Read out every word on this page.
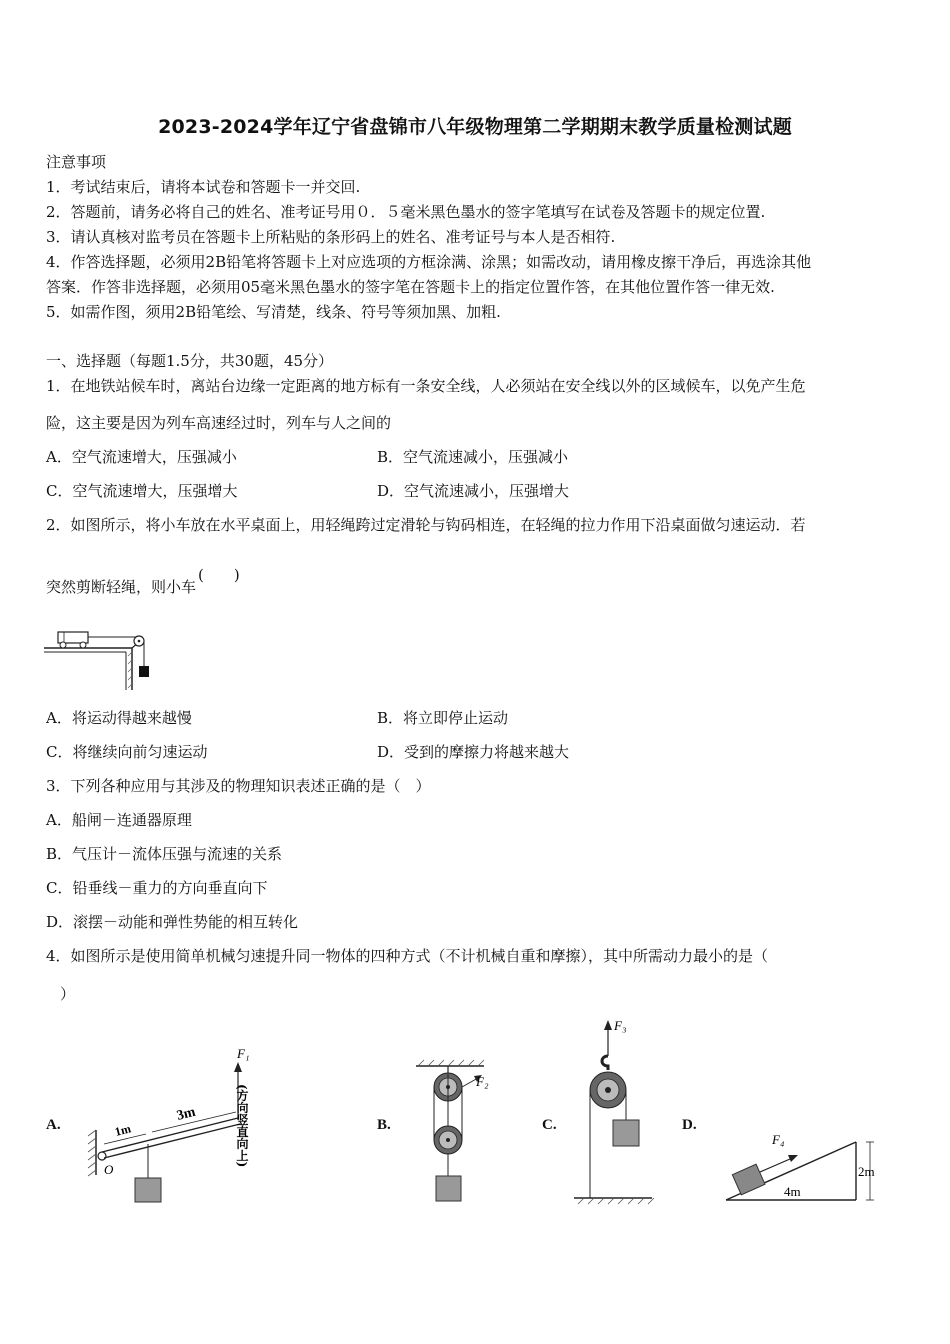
2023-2024学年辽宁省盘锦市八年级物理第二学期期末教学质量检测试题
注意事项
1．考试结束后，请将本试卷和答题卡一并交回.
2．答题前，请务必将自己的姓名、准考证号用０．５毫米黑色墨水的签字笔填写在试卷及答题卡的规定位置.
3．请认真核对监考员在答题卡上所粘贴的条形码上的姓名、准考证号与本人是否相符.
4．作答选择题，必须用2B铅笔将答题卡上对应选项的方框涂满、涂黑；如需改动，请用橡皮擦干净后，再选涂其他
答案．作答非选择题，必须用05毫米黑色墨水的签字笔在答题卡上的指定位置作答，在其他位置作答一律无效.
5．如需作图，须用2B铅笔绘、写清楚，线条、符号等须加黑、加粗.
一、选择题（每题1.5分，共30题，45分）
1．在地铁站候车时，离站台边缘一定距离的地方标有一条安全线，人必须站在安全线以外的区域候车，以免产生危
险，这主要是因为列车高速经过时，列车与人之间的
A．空气流速增大，压强减小	B．空气流速减小，压强减小
C．空气流速增大，压强增大	D．空气流速减小，压强增大
2．如图所示，将小车放在水平桌面上，用轻绳跨过定滑轮与钩码相连，在轻绳的拉力作用下沿桌面做匀速运动．若
突然剪断轻绳，则小车(　　)
A．将运动得越来越慢	B．将立即停止运动
C．将继续向前匀速运动	D．受到的摩擦力将越来越大
3．下列各种应用与其涉及的物理知识表述正确的是（　）
A．船闸－连通器原理
B．气压计－流体压强与流速的关系
C．铅垂线－重力的方向垂直向下
D．滚摆－动能和弹性势能的相互转化
4．如图所示是使用简单机械匀速提升同一物体的四种方式（不计机械自重和摩擦），其中所需动力最小的是（
）
A.	B.	C.	D.
1m
3m
O
F₁
(方向竖直向上)
F₂
F₃
F₄
4m
2m
